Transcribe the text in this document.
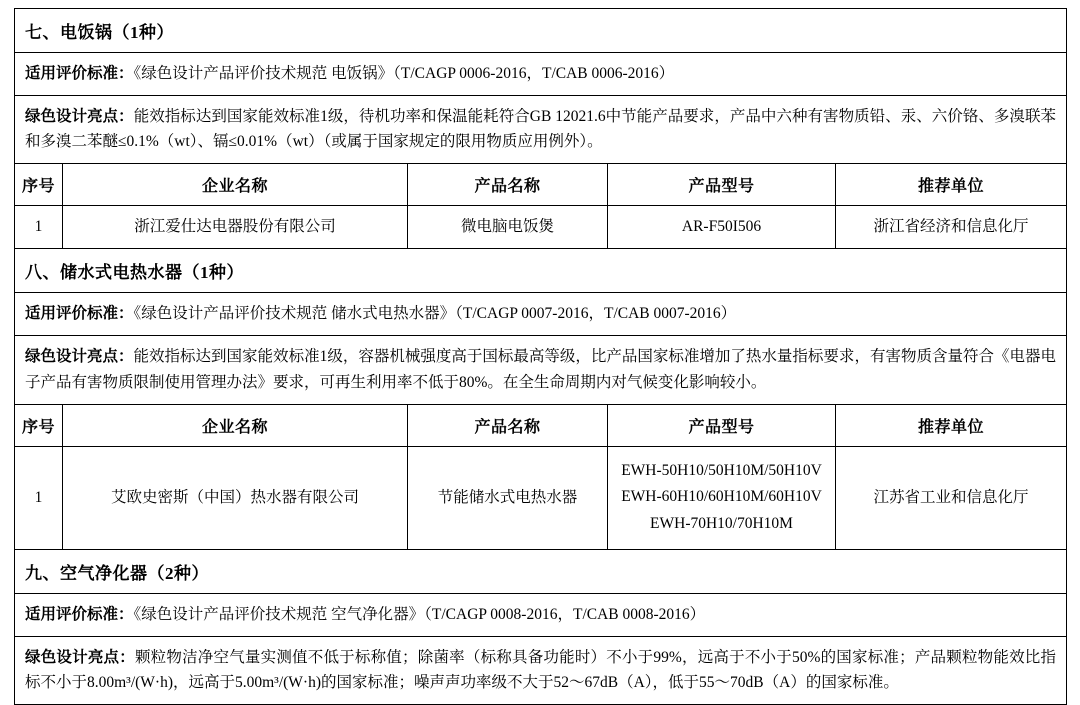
七、电饭锅（1种）				
适用评价标准：《绿色设计产品评价技术规范 电饭锅》（T/CAGP 0006-2016，T/CAB 0006-2016）				
绿色设计亮点：能效指标达到国家能效标准1级，待机功率和保温能耗符合GB 12021.6中节能产品要求，产品中六种有害物质铅、汞、六价铬、多溴联苯和多溴二苯醚≤0.1%（wt）、镉≤0.01%（wt）（或属于国家规定的限用物质应用例外）。				
序号	企业名称	产品名称	产品型号	推荐单位
1	浙江爱仕达电器股份有限公司	微电脑电饭煲	AR-F50I506	浙江省经济和信息化厅
八、储水式电热水器（1种）				
适用评价标准：《绿色设计产品评价技术规范 储水式电热水器》（T/CAGP 0007-2016，T/CAB 0007-2016）				
绿色设计亮点：能效指标达到国家能效标准1级，容器机械强度高于国标最高等级，比产品国家标准增加了热水量指标要求，有害物质含量符合《电器电子产品有害物质限制使用管理办法》要求，可再生利用率不低于80%。在全生命周期内对气候变化影响较小。				
序号	企业名称	产品名称	产品型号	推荐单位
1	艾欧史密斯（中国）热水器有限公司	节能储水式电热水器	EWH-50H10/50H10M/50H10V
EWH-60H10/60H10M/60H10V
EWH-70H10/70H10M	江苏省工业和信息化厅
九、空气净化器（2种）				
适用评价标准：《绿色设计产品评价技术规范 空气净化器》（T/CAGP 0008-2016，T/CAB 0008-2016）				
绿色设计亮点：颗粒物洁净空气量实测值不低于标称值；除菌率（标称具备功能时）不小于99%，远高于不小于50%的国家标准；产品颗粒物能效比指标不小于8.00m³/(W·h)，远高于5.00m³/(W·h)的国家标准；噪声声功率级不大于52～67dB（A），低于55～70dB（A）的国家标准。				
